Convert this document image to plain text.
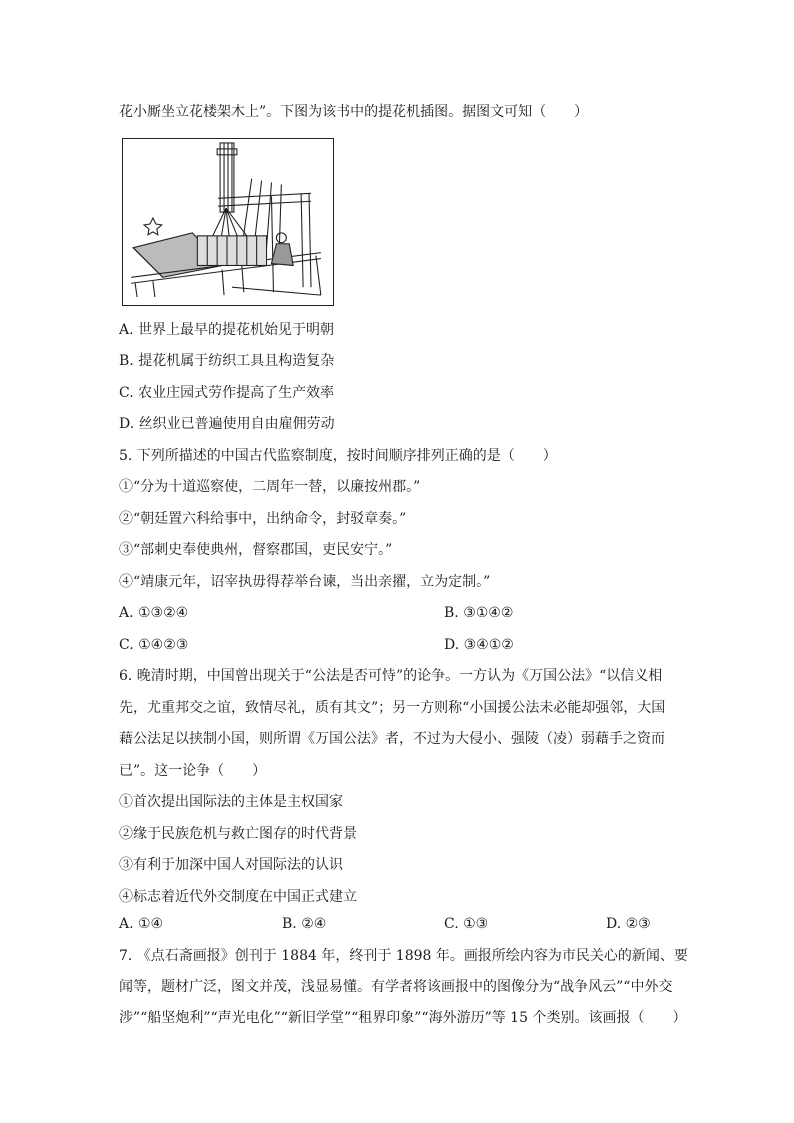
花小厮坐立花楼架木上”。下图为该书中的提花机插图。据图文可知（　　）
A. 世界上最早的提花机始见于明朝
B. 提花机属于纺织工具且构造复杂
C. 农业庄园式劳作提高了生产效率
D. 丝织业已普遍使用自由雇佣劳动
5. 下列所描述的中国古代监察制度，按时间顺序排列正确的是（　　）
①“分为十道巡察使，二周年一替，以廉按州郡。”
②“朝廷置六科给事中，出纳命令，封驳章奏。”
③“部刺史奉使典州，督察郡国，吏民安宁。”
④“靖康元年，诏宰执毋得荐举台谏，当出亲擢，立为定制。”
A. ①③②④	B. ③①④②
C. ①④②③	D. ③④①②
6. 晚清时期，中国曾出现关于“公法是否可恃”的论争。一方认为《万国公法》“以信义相
先，尤重邦交之谊，致情尽礼，质有其文”；另一方则称“小国援公法未必能却强邻，大国
藉公法足以挟制小国，则所谓《万国公法》者，不过为大侵小、强陵（凌）弱藉手之资而
已”。这一论争（　　）
①首次提出国际法的主体是主权国家
②缘于民族危机与救亡图存的时代背景
③有利于加深中国人对国际法的认识
④标志着近代外交制度在中国正式建立
A. ①④	B. ②④	C. ①③	D. ②③
7. 《点石斋画报》创刊于 1884 年，终刊于 1898 年。画报所绘内容为市民关心的新闻、要
闻等，题材广泛，图文并茂，浅显易懂。有学者将该画报中的图像分为“战争风云”“中外交
涉”“船坚炮利”“声光电化”“新旧学堂”“租界印象”“海外游历”等 15 个类别。该画报（　　）
